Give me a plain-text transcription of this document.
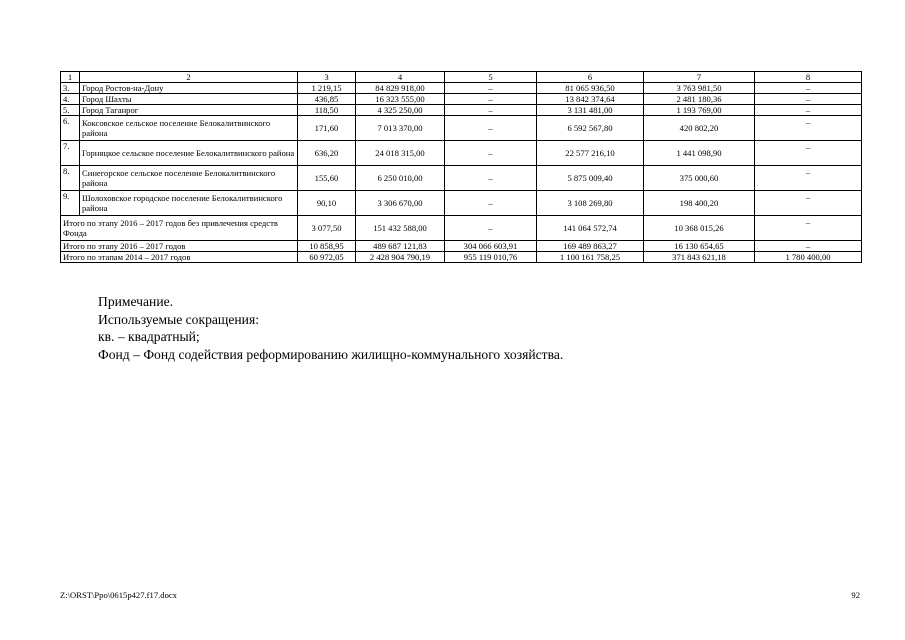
1	2	3	4	5	6	7	8
3.	Город Ростов-на-Дону	1 219,15	84 829 918,00	–	81 065 936,50	3 763 981,50	–
4.	Город Шахты	436,85	16 323 555,00	–	13 842 374,64	2 481 180,36	–
5.	Город Таганрог	118,50	4 325 250,00	–	3 131 481,00	1 193 769,00	–
6.	Коксовское сельское поселение Белокалитвинского района	171,60	7 013 370,00	–	6 592 567,80	420 802,20	–
7.	Горняцкое сельское поселение Белокалитвинского района	636,20	24 018 315,00	–	22 577 216,10	1 441 098,90	–
8.	Синегорское сельское поселение Белокалитвинского района	155,60	6 250 010,00	–	5 875 009,40	375 000,60	–
9.	Шолоховское городское поселение Белокалитвинского района	90,10	3 306 670,00	–	3 108 269,80	198 400,20	–
Итого по этапу 2016 – 2017 годов без привлечения средств Фонда		3 077,50	151 432 588,00	–	141 064 572,74	10 368 015,26	–
Итого по этапу 2016 – 2017 годов		10 858,95	489 687 121,83	304 066 603,91	169 489 863,27	16 130 654,65	–
Итого по этапам 2014 – 2017 годов		60 972,05	2 428 904 790,19	955 119 010,76	1 100 161 758,25	371 843 621,18	1 780 400,00
Примечание.
Используемые сокращения:
кв. – квадратный;
Фонд – Фонд содействия реформированию жилищно-коммунального хозяйства.
Z:\ORST\Ppo\0615p427.f17.docx	92
